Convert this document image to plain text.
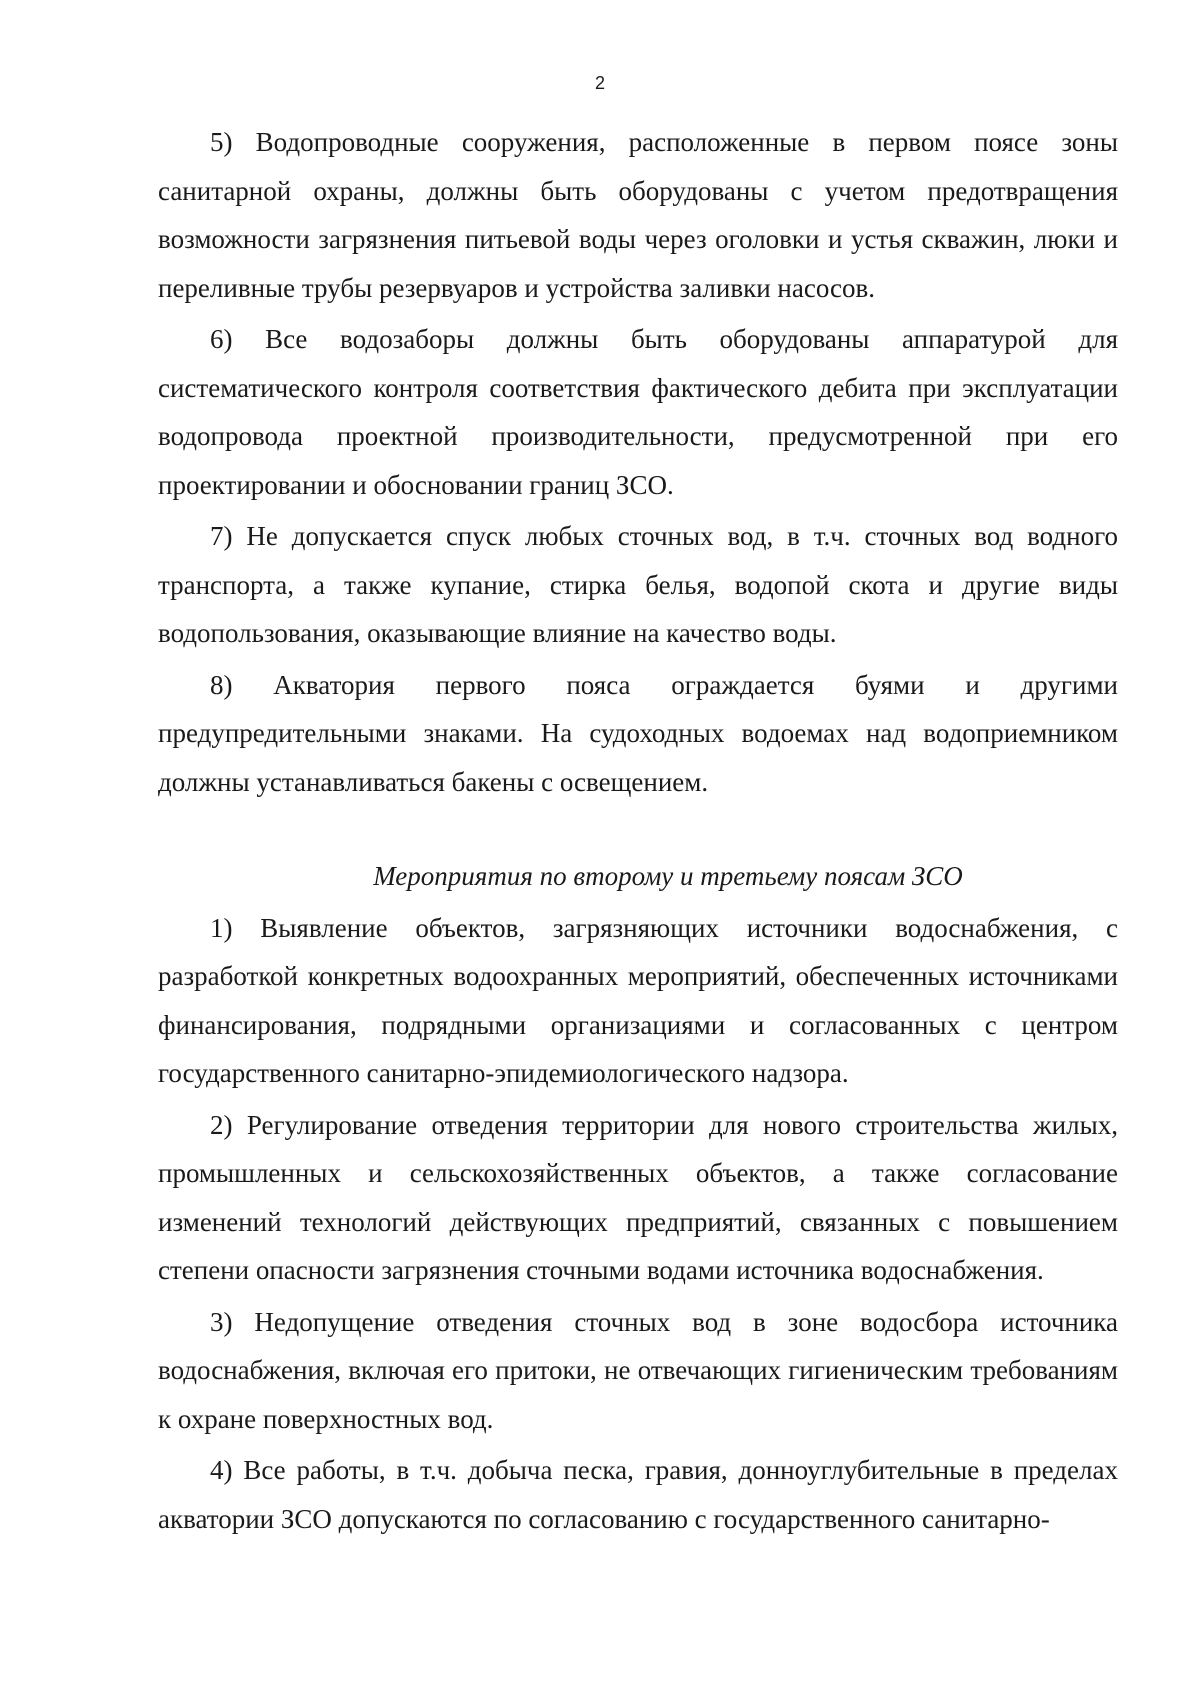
2

5) Водопроводные сооружения, расположенные в первом поясе зоны санитарной охраны, должны быть оборудованы с учетом предотвращения возможности загрязнения питьевой воды через оголовки и устья скважин, люки и переливные трубы резервуаров и устройства заливки насосов.

6) Все водозаборы должны быть оборудованы аппаратурой для систематического контроля соответствия фактического дебита при эксплуатации водопровода проектной производительности, предусмотренной при его проектировании и обосновании границ ЗСО.

7) Не допускается спуск любых сточных вод, в т.ч. сточных вод водного транспорта, а также купание, стирка белья, водопой скота и другие виды водопользования, оказывающие влияние на качество воды.

8) Акватория первого пояса ограждается буями и другими предупредительными знаками. На судоходных водоемах над водоприемником должны устанавливаться бакены с освещением.

Мероприятия по второму и третьему поясам ЗСО

1) Выявление объектов, загрязняющих источники водоснабжения, с разработкой конкретных водоохранных мероприятий, обеспеченных источниками финансирования, подрядными организациями и согласованных с центром государственного санитарно-эпидемиологического надзора.

2) Регулирование отведения территории для нового строительства жилых, промышленных и сельскохозяйственных объектов, а также согласование изменений технологий действующих предприятий, связанных с повышением степени опасности загрязнения сточными водами источника водоснабжения.

3) Недопущение отведения сточных вод в зоне водосбора источника водоснабжения, включая его притоки, не отвечающих гигиеническим требованиям к охране поверхностных вод.

4) Все работы, в т.ч. добыча песка, гравия, донноуглубительные в пределах акватории ЗСО допускаются по согласованию с государственного санитарно-
